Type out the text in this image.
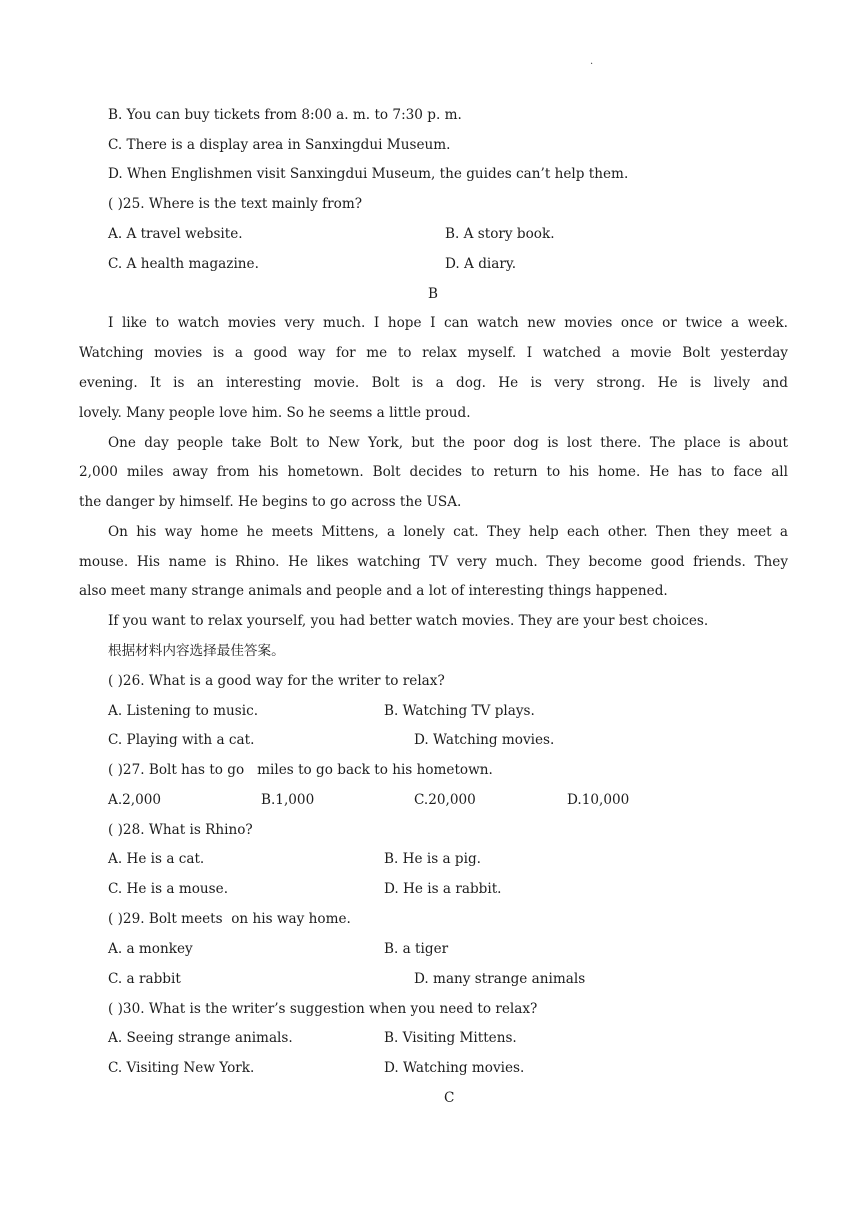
.
B. You can buy tickets from 8:00 a. m. to 7:30 p. m.
C. There is a display area in Sanxingdui Museum.
D. When Englishmen visit Sanxingdui Museum, the guides can’t help them.
( )25. Where is the text mainly from?
A. A travel website.	B. A story book.
C. A health magazine.	D. A diary.
B
I like to watch movies very much. I hope I can watch new movies once or twice a week.
Watching movies is a good way for me to relax myself. I watched a movie Bolt yesterday
evening. It is an interesting movie. Bolt is a dog. He is very strong. He is lively and
lovely. Many people love him. So he seems a little proud.
One day people take Bolt to New York, but the poor dog is lost there. The place is about
2,000 miles away from his hometown. Bolt decides to return to his home. He has to face all
the danger by himself. He begins to go across the USA.
On his way home he meets Mittens, a lonely cat. They help each other. Then they meet a
mouse. His name is Rhino. He likes watching TV very much. They become good friends. They
also meet many strange animals and people and a lot of interesting things happened.
If you want to relax yourself, you had better watch movies. They are your best choices.
根据材料内容选择最佳答案。
( )26. What is a good way for the writer to relax?
A. Listening to music.	B. Watching TV plays.
C. Playing with a cat.	D. Watching movies.
( )27. Bolt has to go   miles to go back to his hometown.
A.2,000	B.1,000	C.20,000	D.10,000
( )28. What is Rhino?
A. He is a cat.	B. He is a pig.
C. He is a mouse.	D. He is a rabbit.
( )29. Bolt meets  on his way home.
A. a monkey	B. a tiger
C. a rabbit	D. many strange animals
( )30. What is the writer’s suggestion when you need to relax?
A. Seeing strange animals.	B. Visiting Mittens.
C. Visiting New York.	D. Watching movies.
C
